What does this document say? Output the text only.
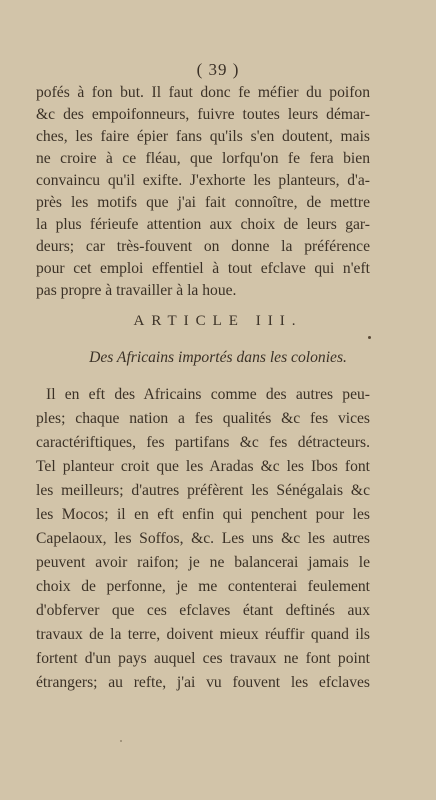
( 39 )
pofés à fon but. Il faut donc fe méfier du poifon
&c des empoifonneurs, fuivre toutes leurs démar-
ches, les faire épier fans qu'ils s'en doutent, mais
ne croire à ce fléau, que lorfqu'on fe fera bien
convaincu qu'il exifte. J'exhorte les planteurs, d'a-
près les motifs que j'ai fait connoître, de mettre
la plus férieufe attention aux choix de leurs gar-
deurs; car très-fouvent on donne la préférence
pour cet emploi effentiel à tout efclave qui n'eft
pas propre à travailler à la houe.
ARTICLE III.
Des Africains importés dans les colonies.
Il en eft des Africains comme des autres peu-
ples; chaque nation a fes qualités &c fes vices
caractériftiques, fes partifans &c fes détracteurs.
Tel planteur croit que les Aradas &c les Ibos font
les meilleurs; d'autres préfèrent les Sénégalais &c
les Mocos; il en eft enfin qui penchent pour les
Capelaoux, les Soffos, &c. Les uns &c les autres
peuvent avoir raifon; je ne balancerai jamais le
choix de perfonne, je me contenterai feulement
d'obferver que ces efclaves étant deftinés aux
travaux de la terre, doivent mieux réuffir quand ils
fortent d'un pays auquel ces travaux ne font point
étrangers; au refte, j'ai vu fouvent les efclaves
